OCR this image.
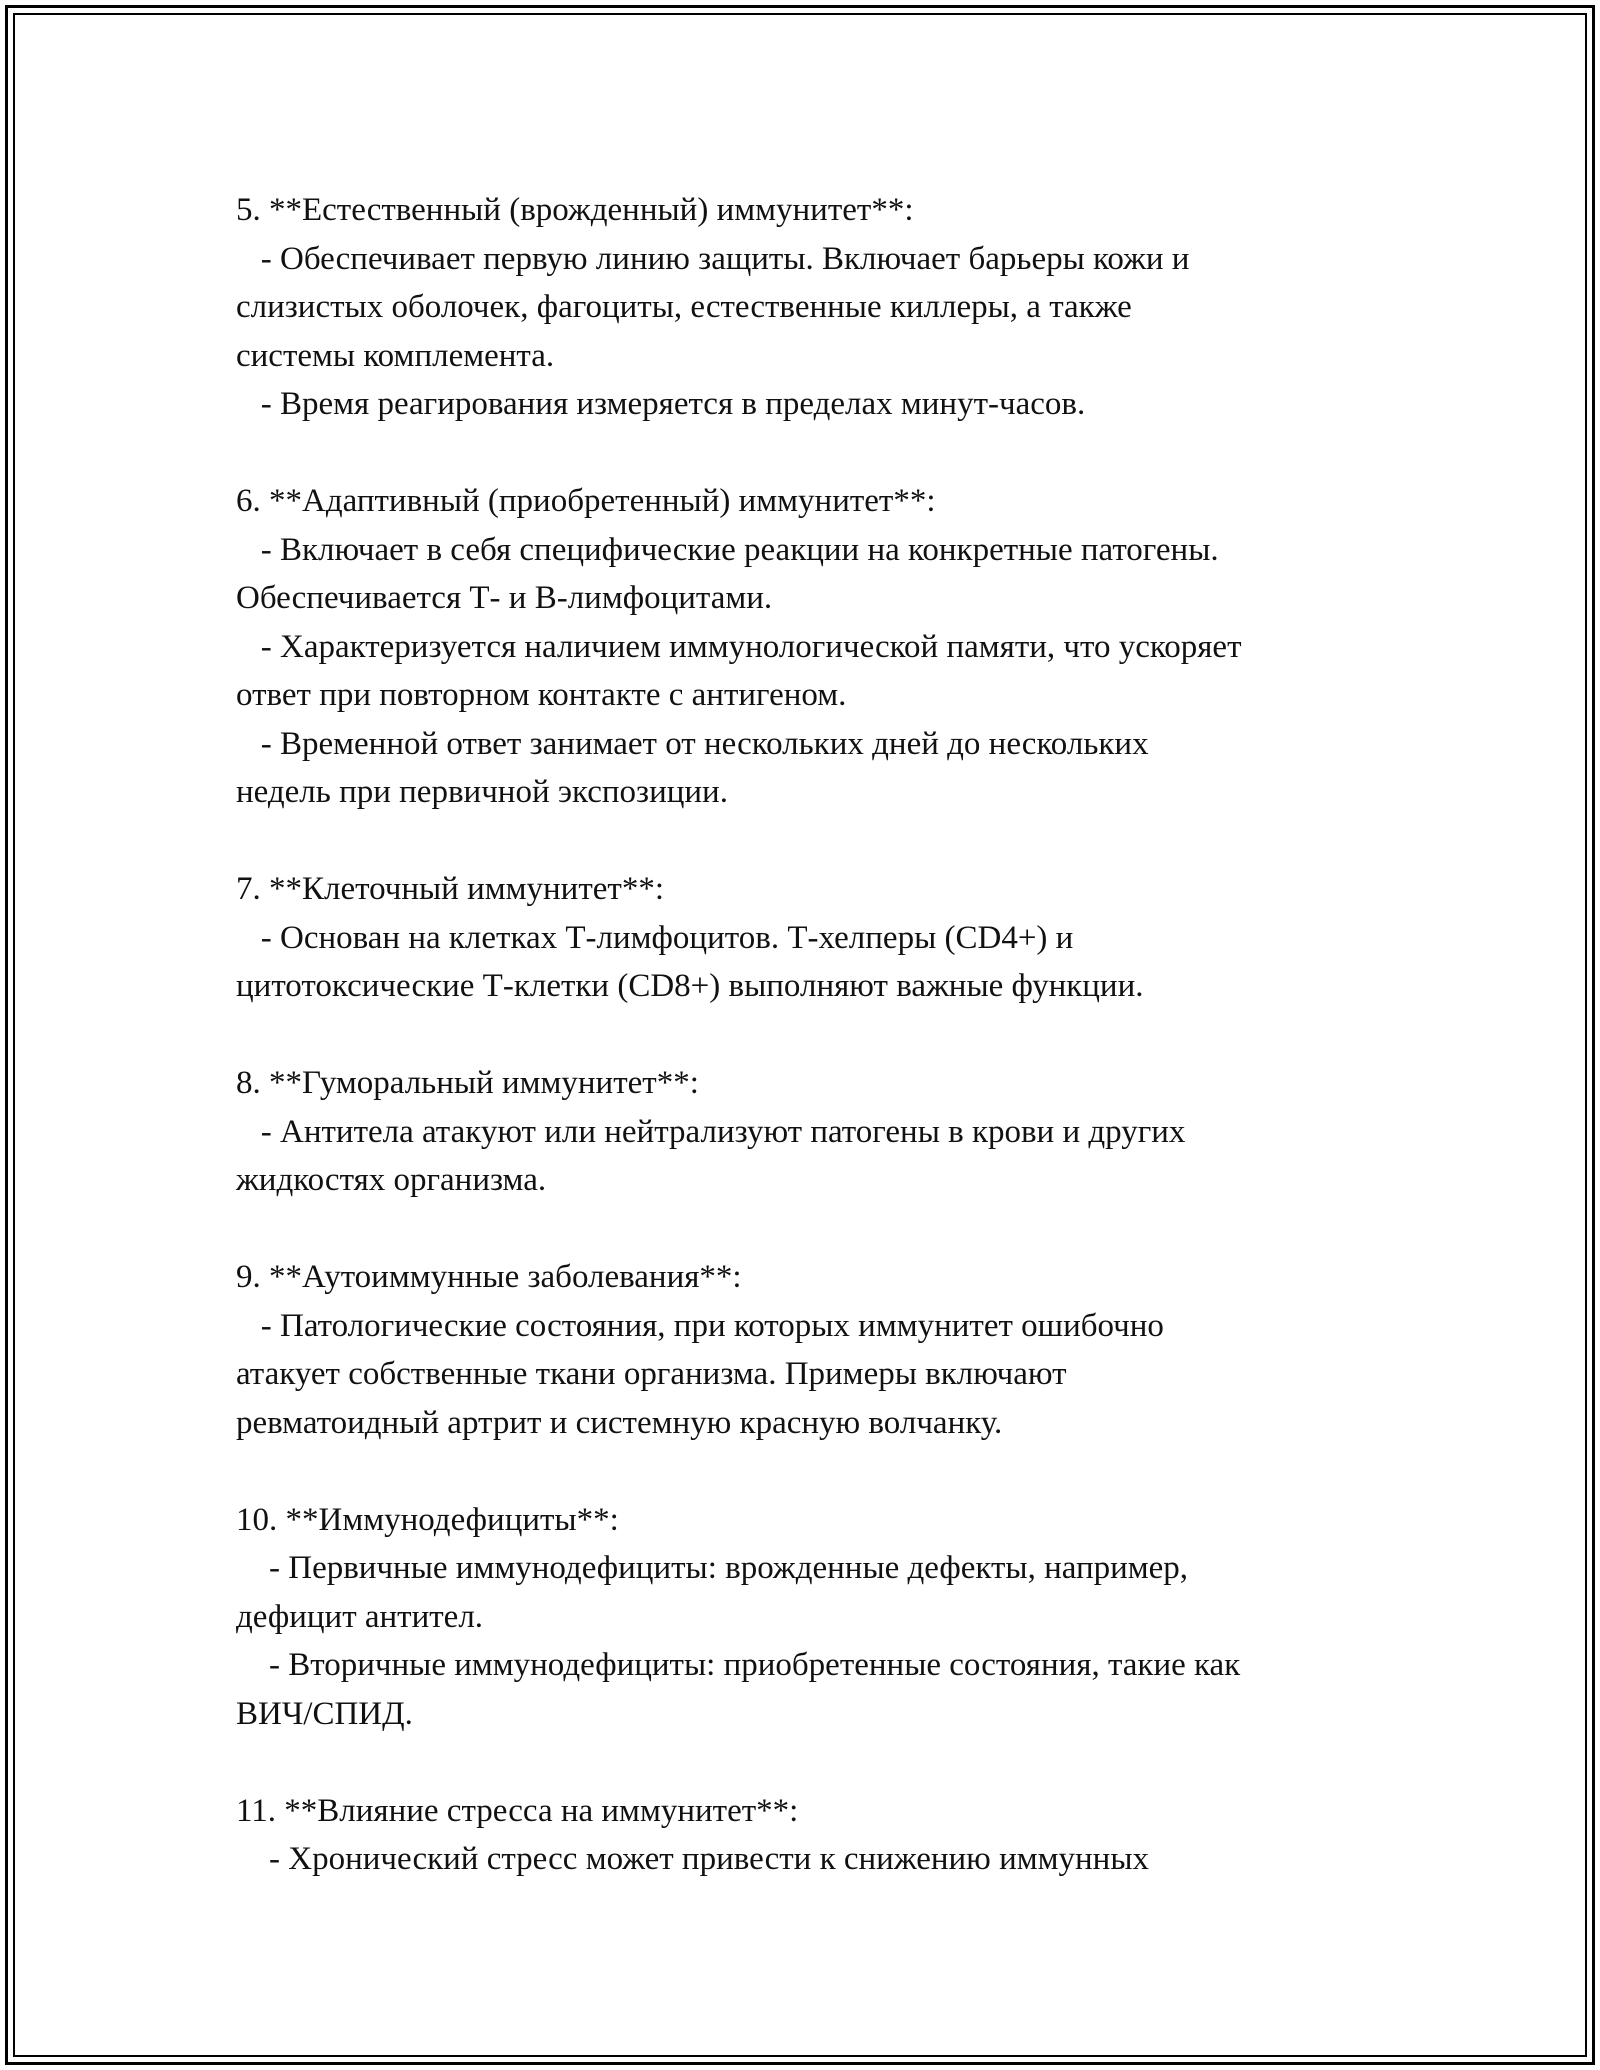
5. **Естественный (врожденный) иммунитет**:

- Обеспечивает первую линию защиты. Включает барьеры кожи и
слизистых оболочек, фагоциты, естественные киллеры, а также
системы комплемента.

- Время реагирования измеряется в пределах минут-часов.

6. **Адаптивный (приобретенный) иммунитет**:

- Включает в себя специфические реакции на конкретные патогены.
Обеспечивается Т- и В-лимфоцитами.

- Характеризуется наличием иммунологической памяти, что ускоряет
ответ при повторном контакте с антигеном.

- Временной ответ занимает от нескольких дней до нескольких
недель при первичной экспозиции.

7. **Клеточный иммунитет**:

- Основан на клетках Т-лимфоцитов. Т-хелперы (CD4+) и
цитотоксические Т-клетки (CD8+) выполняют важные функции.

8. **Гуморальный иммунитет**:

- Антитела атакуют или нейтрализуют патогены в крови и других
жидкостях организма.

9. **Аутоиммунные заболевания**:

- Патологические состояния, при которых иммунитет ошибочно
атакует собственные ткани организма. Примеры включают
ревматоидный артрит и системную красную волчанку.

10. **Иммунодефициты**:

- Первичные иммунодефициты: врожденные дефекты, например,
дефицит антител.

- Вторичные иммунодефициты: приобретенные состояния, такие как
ВИЧ/СПИД.

11. **Влияние стресса на иммунитет**:

- Хронический стресс может привести к снижению иммунных
